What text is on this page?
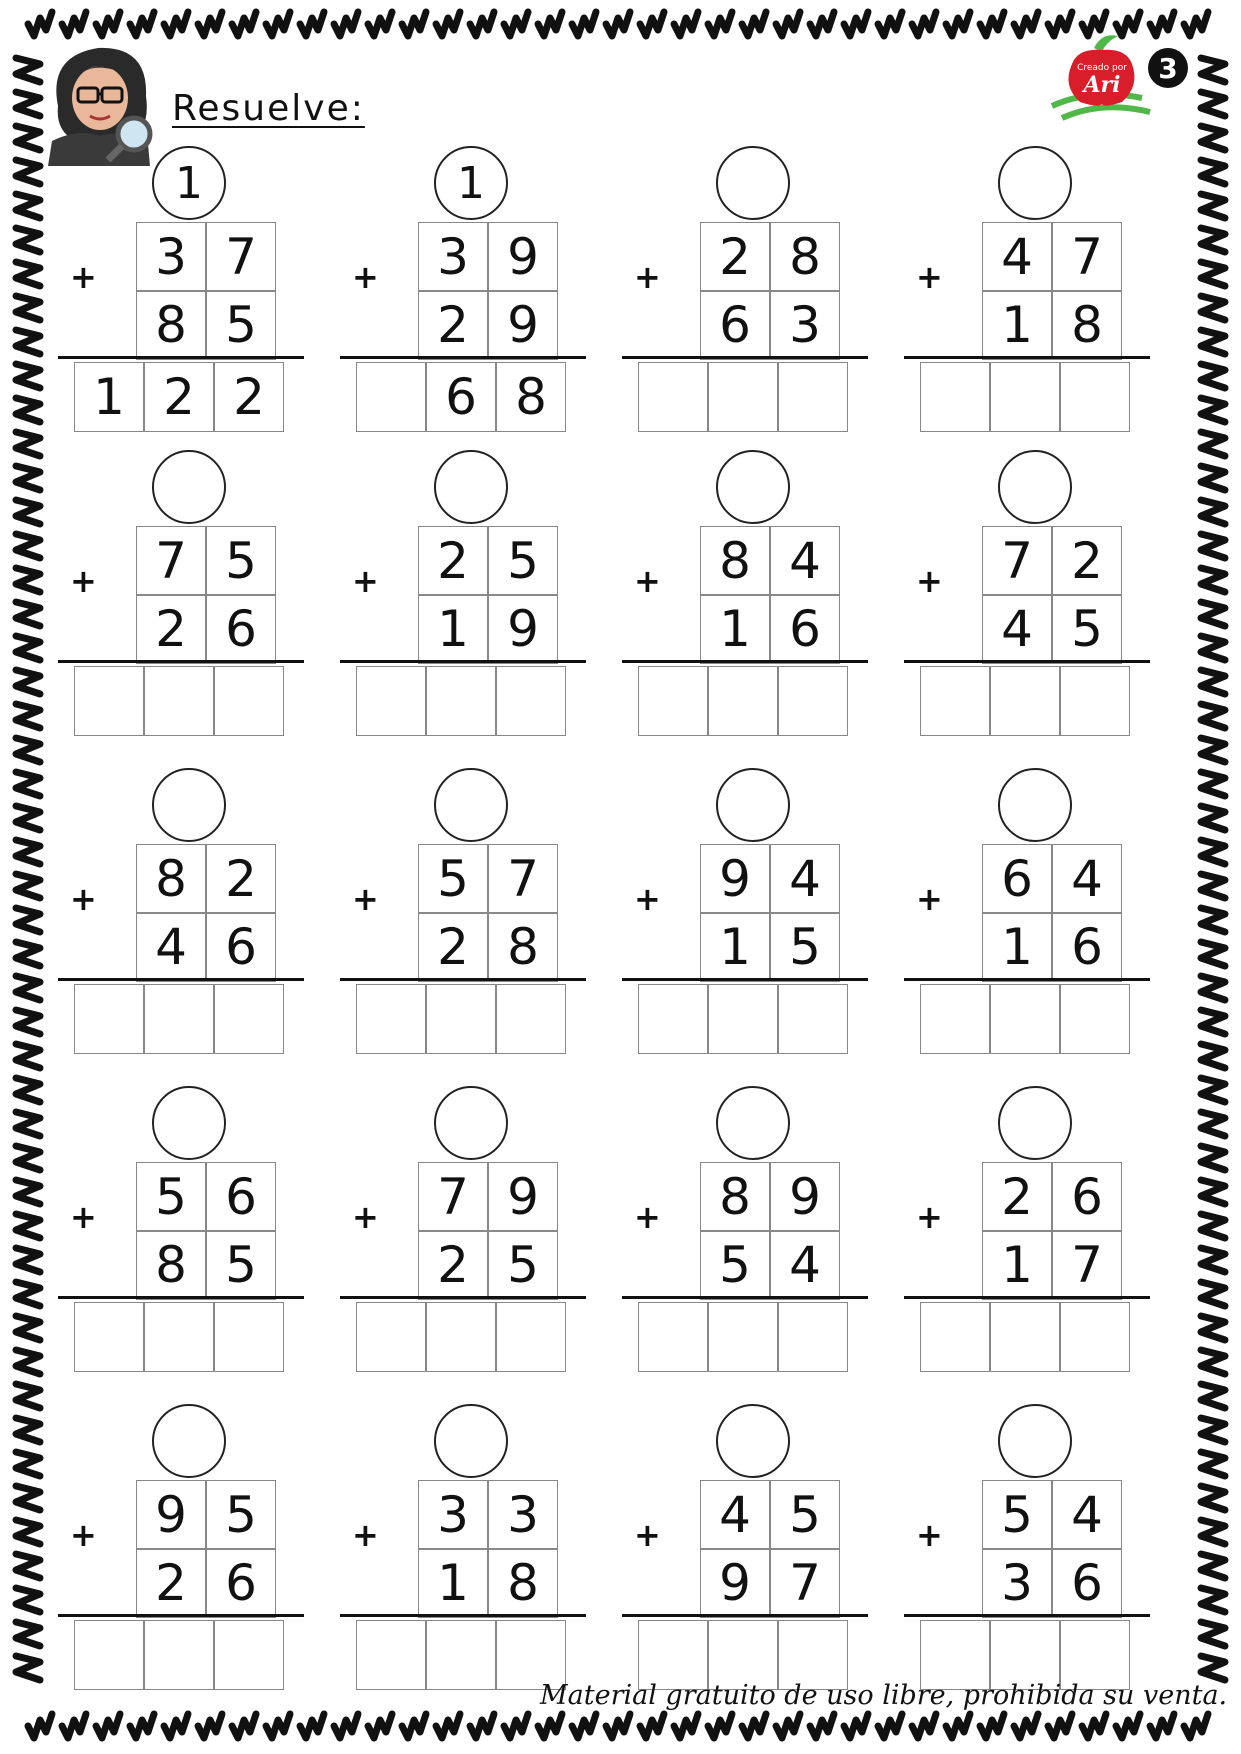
Resuelve:
Creado por
Ari 3
1
+	3 7
8 5
1 2 2
1
+	3 9
2 9
6 8
+	2 8
6 3
+	4 7
1 8
+	7 5
2 6
+	2 5
1 9
+	8 4
1 6
+	7 2
4 5
+	8 2
4 6
+	5 7
2 8
+	9 4
1 5
+	6 4
1 6
+	5 6
8 5
+	7 9
2 5
+	8 9
5 4
+	2 6
1 7
+	9 5
2 6
+	3 3
1 8
+	4 5
9 7
+	5 4
3 6
Material gratuito de uso libre, prohibida su venta.
